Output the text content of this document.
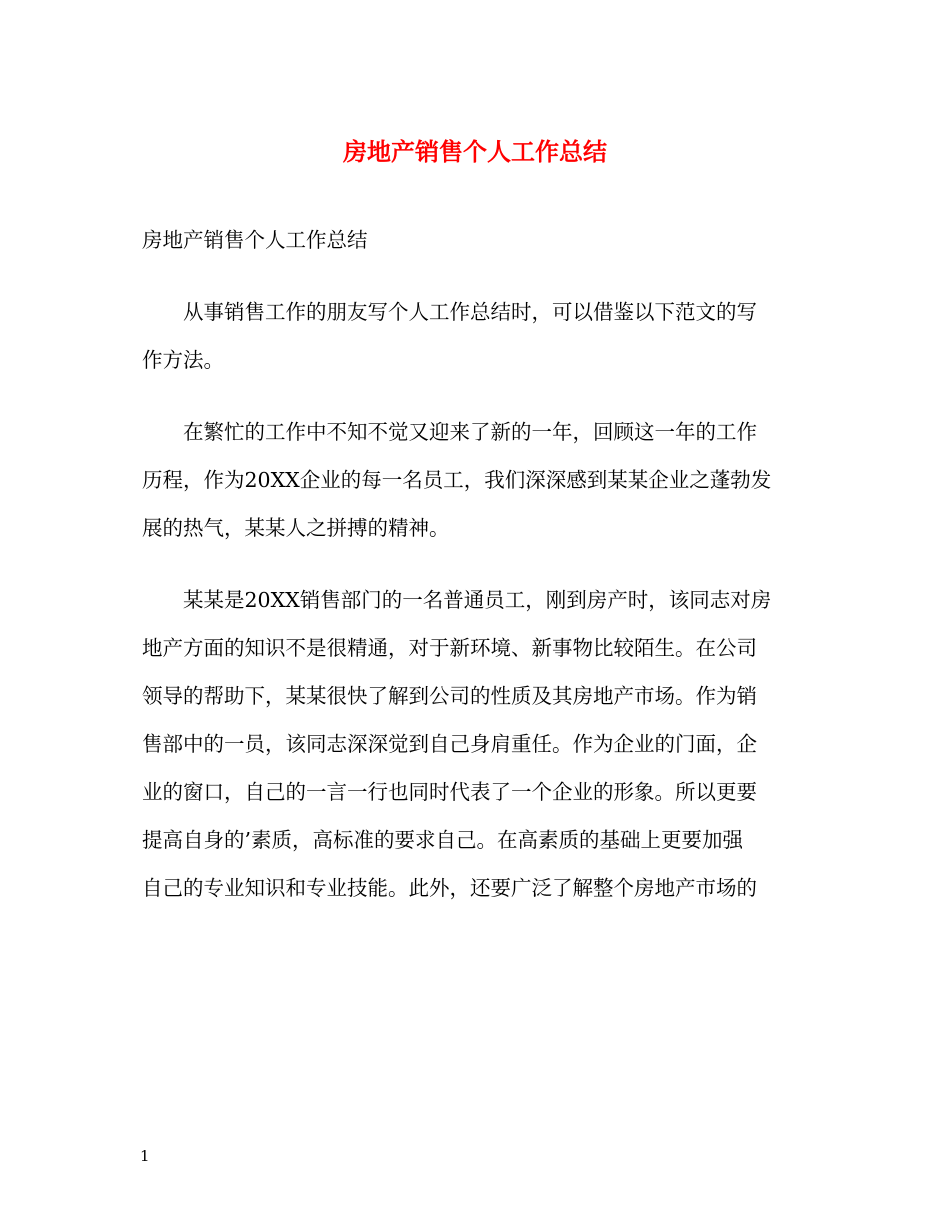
房地产销售个人工作总结

房地产销售个人工作总结

从事销售工作的朋友写个人工作总结时，可以借鉴以下范文的写
作方法。
在繁忙的工作中不知不觉又迎来了新的一年，回顾这一年的工作
历程，作为20XX企业的每一名员工，我们深深感到某某企业之蓬勃发
展的热气，某某人之拼搏的精神。
某某是20XX销售部门的一名普通员工，刚到房产时，该同志对房
地产方面的知识不是很精通，对于新环境、新事物比较陌生。在公司
领导的帮助下，某某很快了解到公司的性质及其房地产市场。作为销
售部中的一员，该同志深深觉到自己身肩重任。作为企业的门面，企
业的窗口，自己的一言一行也同时代表了一个企业的形象。所以更要
提高自身的’素质，高标准的要求自己。在高素质的基础上更要加强
自己的专业知识和专业技能。此外，还要广泛了解整个房地产市场的
1
